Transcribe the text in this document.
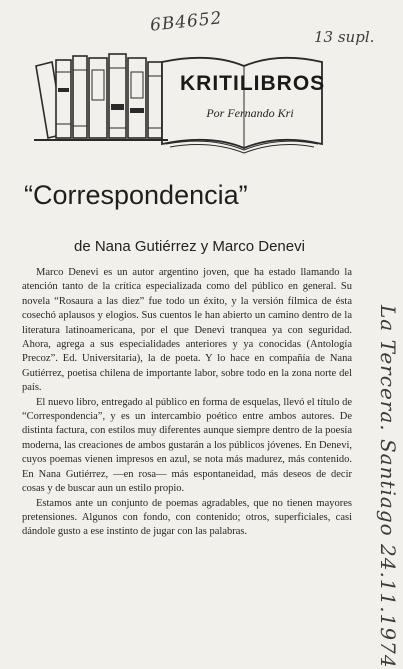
6B4652
13 supl.
La Tercera. Santiago 24.11.1974
KRITILIBROS
Por Fernando Kri
“Correspondencia”
de Nana Gutiérrez y Marco Denevi

Marco Denevi es un autor argentino joven, que ha estado llamando la atención tanto de la crítica especializada como del público en general. Su novela “Rosaura a las diez” fue todo un éxito, y la versión fílmica de ésta cosechó aplausos y elogios. Sus cuentos le han abierto un camino dentro de la literatura latinoamericana, por el que Denevi tranquea ya con seguridad. Ahora, agrega a sus especialidades anteriores y ya conocidas (Antología Precoz”. Ed. Universitaria), la de poeta. Y lo hace en compañía de Nana Gutiérrez, poetisa chilena de importante labor, sobre todo en la zona norte del país.

El nuevo libro, entregado al público en forma de esquelas, llevó el título de “Correspondencia”, y es un intercambio poético entre ambos autores. De distinta factura, con estilos muy diferentes aunque siempre dentro de la poesía moderna, las creaciones de ambos gustarán a los públicos jóvenes. En Denevi, cuyos poemas vienen impresos en azul, se nota más madurez, más contenido. En Nana Gutiérrez, —en rosa— más espontaneidad, más deseos de decir cosas y de buscar aun un estilo propio.

Estamos ante un conjunto de poemas agradables, que no tienen mayores pretensiones. Algunos con fondo, con contenido; otros, superficiales, casi dándole gusto a ese instinto de jugar con las palabras.
